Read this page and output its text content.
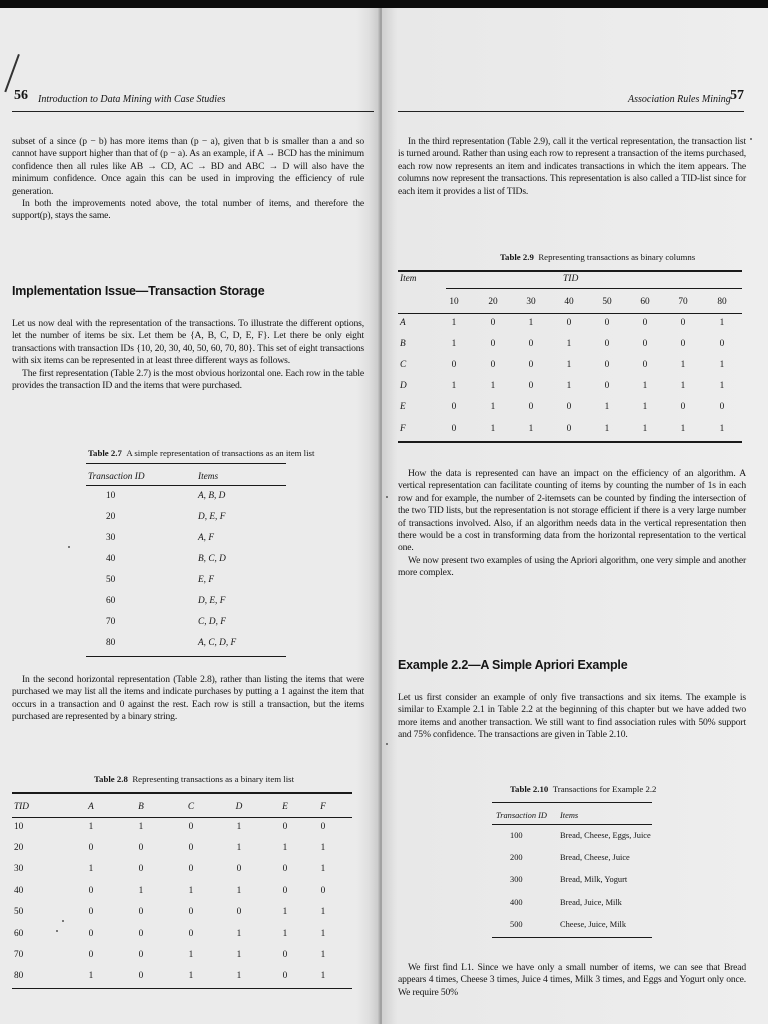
56 Introduction to Data Mining with Case Studies

subset of a since (p − b) has more items than (p − a), given that b is smaller than a and so cannot have support higher than that of (p − a). As an example, if A → BCD has the minimum confidence then all rules like AB → CD, AC → BD and ABC → D will also have the minimum confidence. Once again this can be used in improving the efficiency of rule generation.

In both the improvements noted above, the total number of items, and therefore the support(p), stays the same.

Implementation Issue—Transaction Storage

Let us now deal with the representation of the transactions. To illustrate the different options, let the number of items be six. Let them be {A, B, C, D, E, F}. Let there be only eight transactions with transaction IDs {10, 20, 30, 40, 50, 60, 70, 80}. This set of eight transactions with six items can be represented in at least three different ways as follows.

The first representation (Table 2.7) is the most obvious horizontal one. Each row in the table provides the transaction ID and the items that were purchased.

Table 2.7 A simple representation of transactions as an item list
Transaction ID	Items
10	A, B, D
20	D, E, F
30	A, F
40	B, C, D
50	E, F
60	D, E, F
70	C, D, F
80	A, C, D, F

In the second horizontal representation (Table 2.8), rather than listing the items that were purchased we may list all the items and indicate purchases by putting a 1 against the item that occurs in a transaction and 0 against the rest. Each row is still a transaction, but the items purchased are represented by a binary string.

Table 2.8 Representing transactions as a binary item list
TID	A	B	C	D	E	F
10	1	1	0	1	0	0
20	0	0	0	1	1	1
30	1	0	0	0	0	1
40	0	1	1	1	0	0
50	0	0	0	0	1	1
60	0	0	0	1	1	1
70	0	0	1	1	0	1
80	1	0	1	1	0	1
Association Rules Mining 57

In the third representation (Table 2.9), call it the vertical representation, the transaction list is turned around. Rather than using each row to represent a transaction of the items purchased, each row now represents an item and indicates transactions in which the item appears. The columns now represent the transactions. This representation is also called a TID-list since for each item it provides a list of TIDs.

Table 2.9 Representing transactions as binary columns
TID
Item	10	20	30	40	50	60	70	80
A	1	0	1	0	0	0	0	1
B	1	0	0	1	0	0	0	0
C	0	0	0	1	0	0	1	1
D	1	1	0	1	0	1	1	1
E	0	1	0	0	1	1	0	0
F	0	1	1	0	1	1	1	1

How the data is represented can have an impact on the efficiency of an algorithm. A vertical representation can facilitate counting of items by counting the number of 1s in each row and for example, the number of 2-itemsets can be counted by finding the intersection of the two TID lists, but the representation is not storage efficient if there is a very large number of transactions involved. Also, if an algorithm needs data in the vertical representation then there would be a cost in transforming data from the horizontal representation to the vertical one.

We now present two examples of using the Apriori algorithm, one very simple and another more complex.

Example 2.2—A Simple Apriori Example

Let us first consider an example of only five transactions and six items. The example is similar to Example 2.1 in Table 2.2 at the beginning of this chapter but we have added two more items and another transaction. We still want to find association rules with 50% support and 75% confidence. The transactions are given in Table 2.10.

Table 2.10 Transactions for Example 2.2
Transaction ID	Items
100	Bread, Cheese, Eggs, Juice
200	Bread, Cheese, Juice
300	Bread, Milk, Yogurt
400	Bread, Juice, Milk
500	Cheese, Juice, Milk

We first find L1. Since we have only a small number of items, we can see that Bread appears 4 times, Cheese 3 times, Juice 4 times, Milk 3 times, and Eggs and Yogurt only once. We require 50%
